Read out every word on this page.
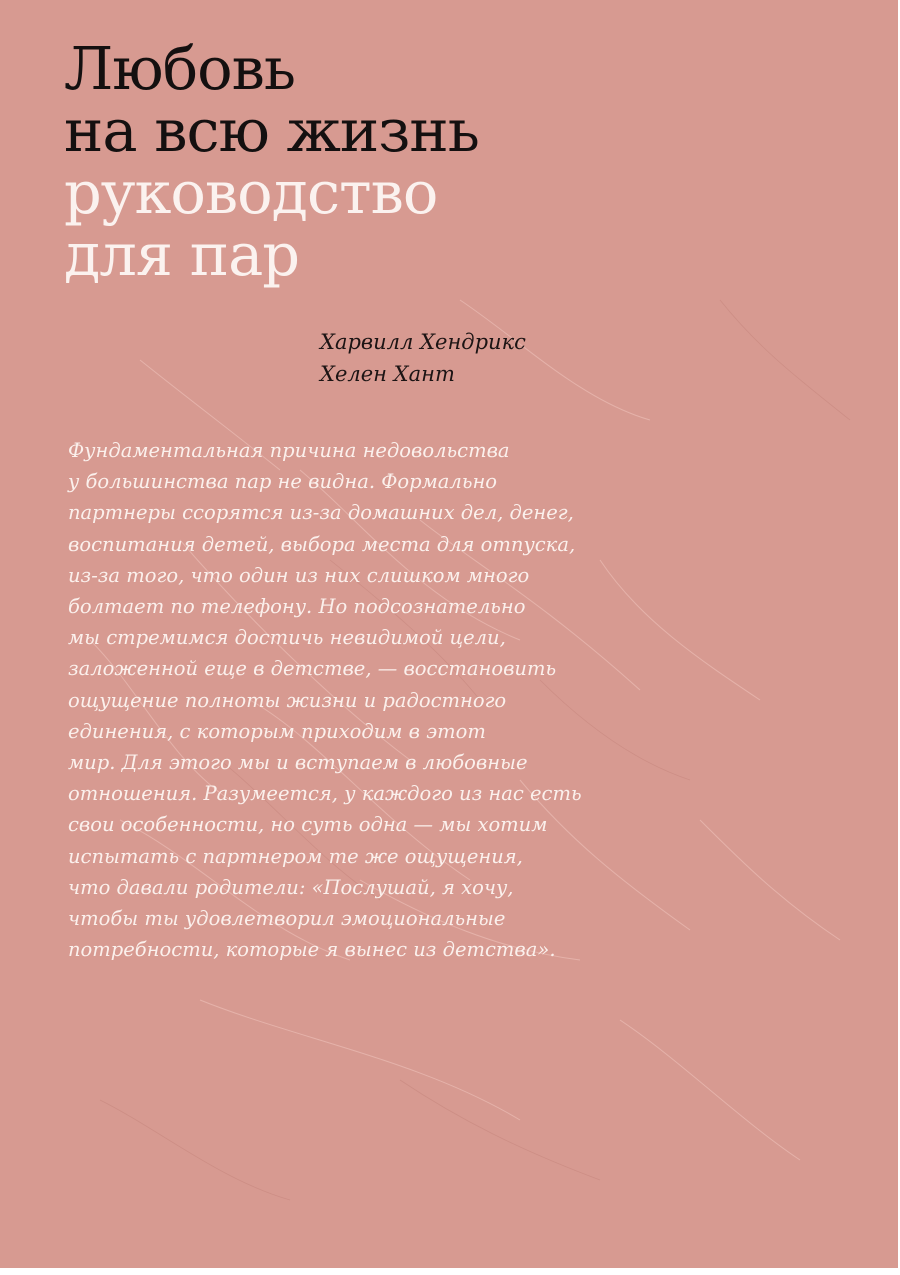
Любовь
на всю жизнь
руководство
для пар
Харвилл Хендрикс
Хелен Хант
Фундаментальная причина недовольства
у большинства пар не видна. Формально
партнеры ссорятся из-за домашних дел, денег,
воспитания детей, выбора места для отпуска,
из-за того, что один из них слишком много
болтает по телефону. Но подсознательно
мы стремимся достичь невидимой цели,
заложенной еще в детстве, — восстановить
ощущение полноты жизни и радостного
единения, с которым приходим в этот
мир. Для этого мы и вступаем в любовные
отношения. Разумеется, у каждого из нас есть
свои особенности, но суть одна — мы хотим
испытать с партнером те же ощущения,
что давали родители: «Послушай, я хочу,
чтобы ты удовлетворил эмоциональные
потребности, которые я вынес из детства».
